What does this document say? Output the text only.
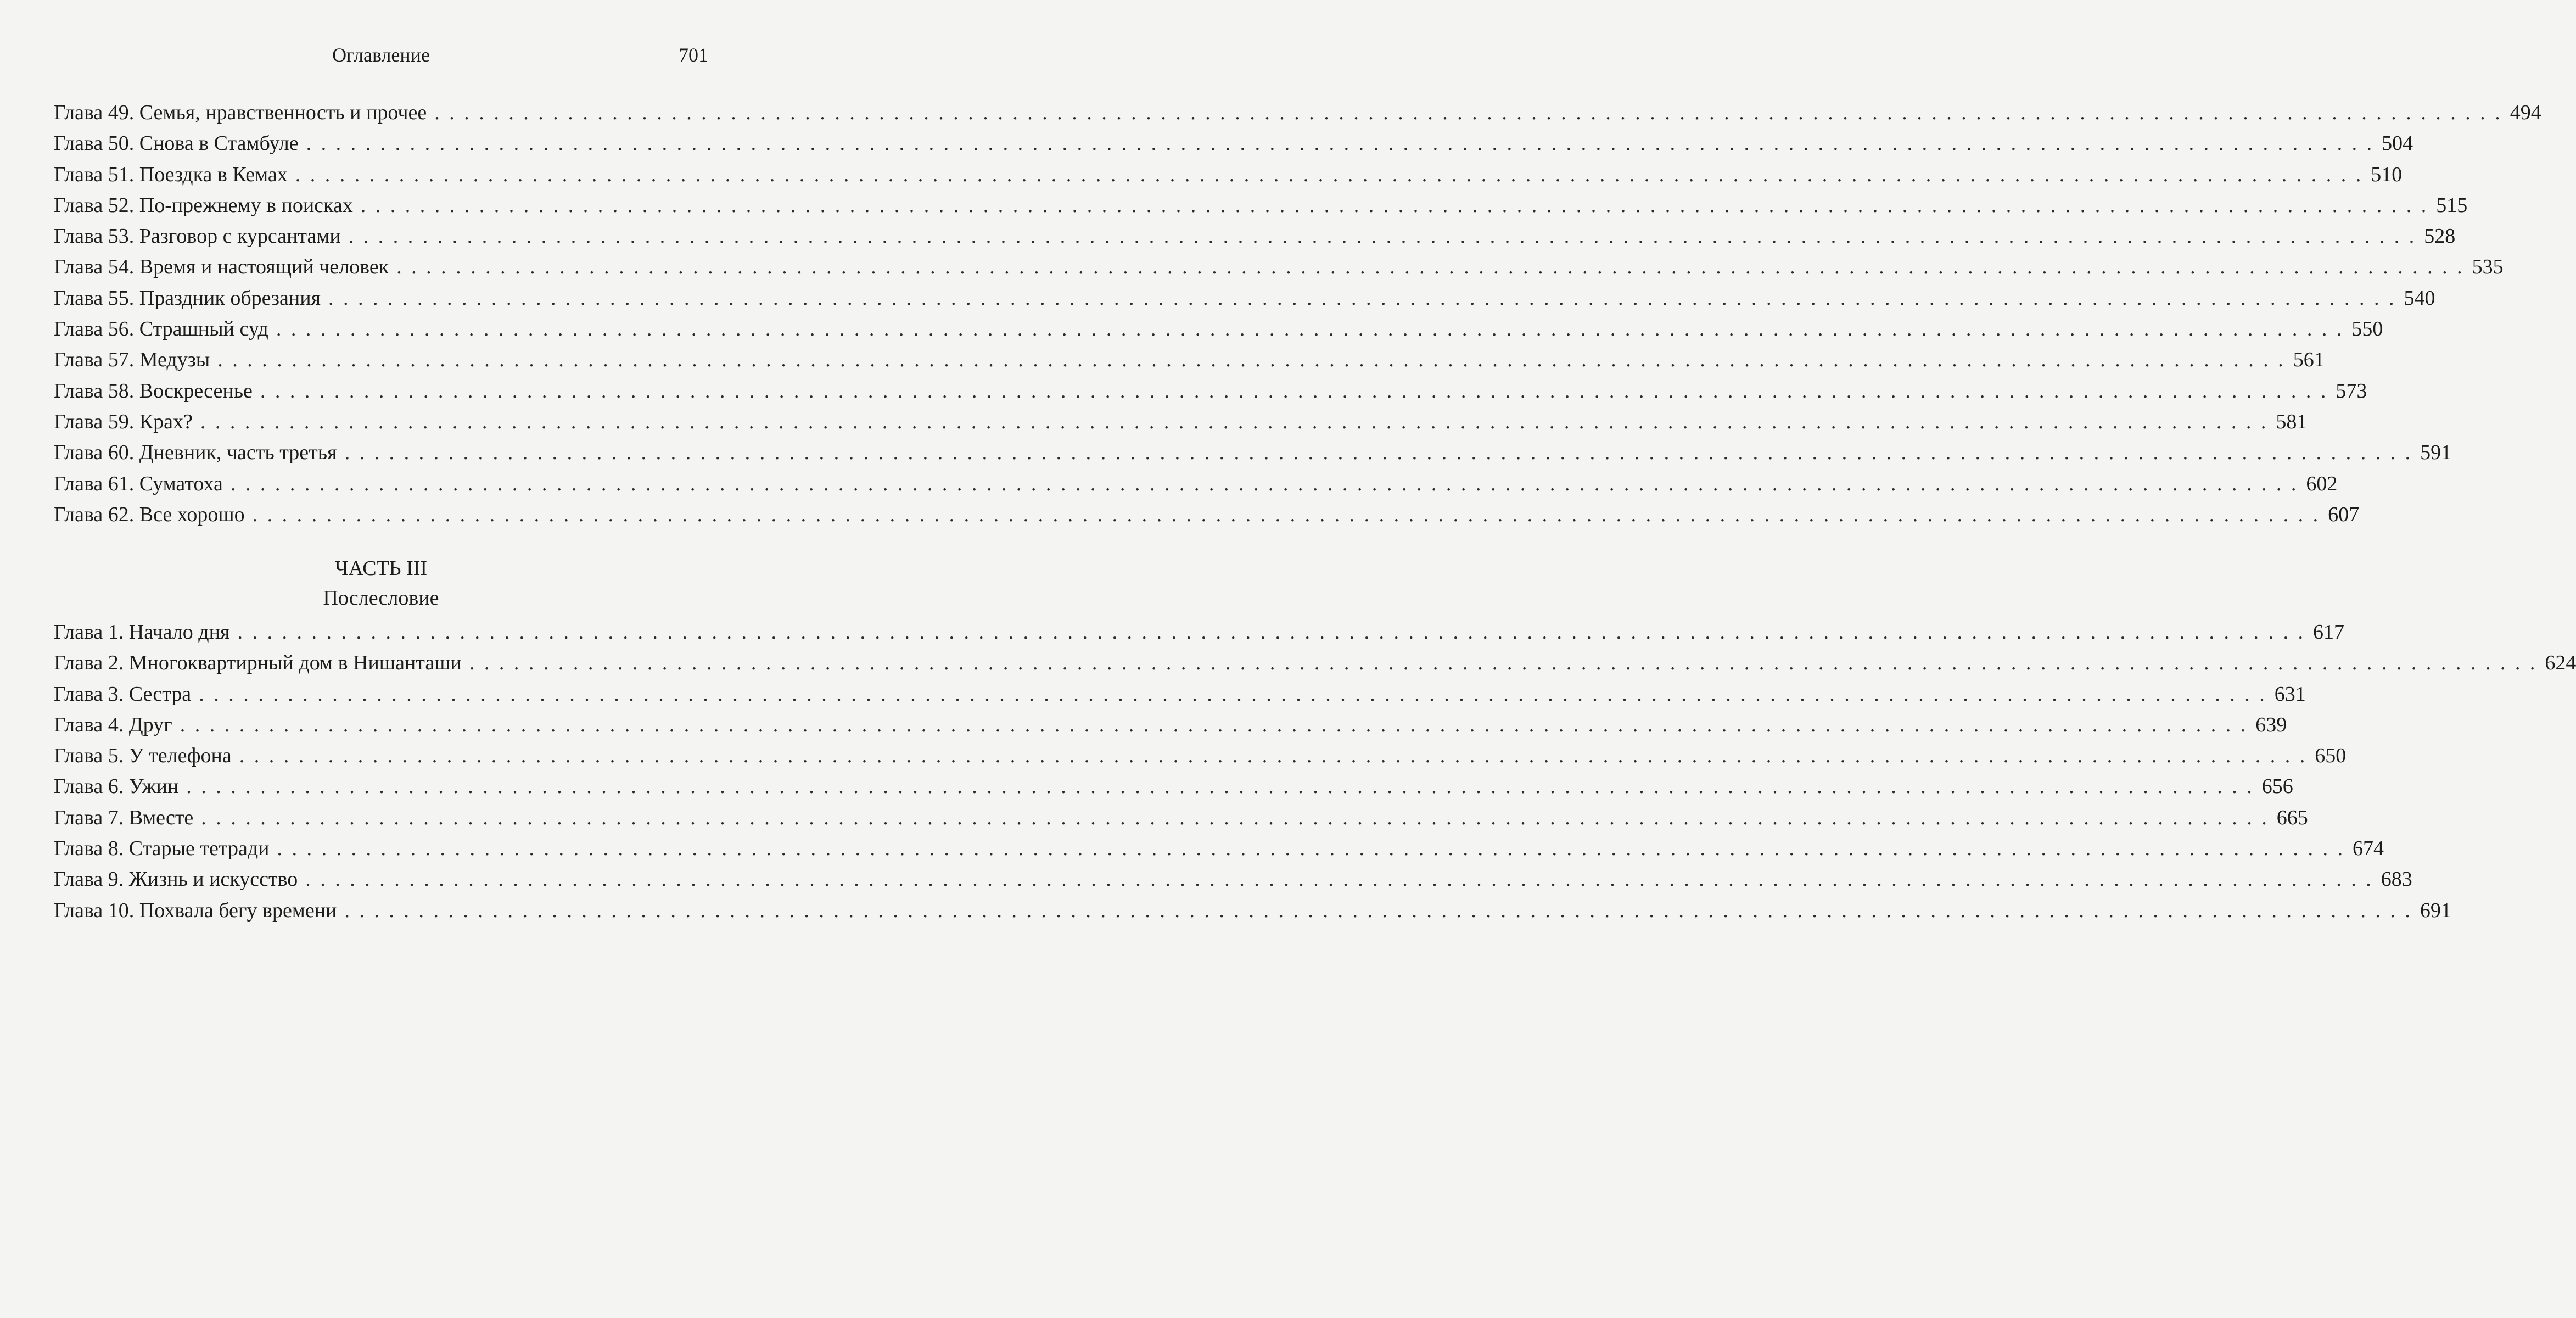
Оглавление	701
Глава 49. Семья, нравственность и прочее . . . . . . . . . . . . . . . . . . . . . . . . . . . . . . . . . . . . . . . . . . . . . . . . . . . . . . . . . . . . . . . . . . . . . . . . . . . . . . . . . . . . . . . . . . . . . . . . . . . . . . . . . . . . . . . . . . . . . . . . . . . . . . . . . . . . . . . . . . . . 494
Глава 50. Снова в Стамбуле . . . . . . . . . . . . . . . . . . . . . . . . . . . . . . . . . . . . . . . . . . . . . . . . . . . . . . . . . . . . . . . . . . . . . . . . . . . . . . . . . . . . . . . . . . . . . . . . . . . . . . . . . . . . . . . . . . . . . . . . . . . . . . . . . . . . . . . . . . . . 504
Глава 51. Поездка в Кемах . . . . . . . . . . . . . . . . . . . . . . . . . . . . . . . . . . . . . . . . . . . . . . . . . . . . . . . . . . . . . . . . . . . . . . . . . . . . . . . . . . . . . . . . . . . . . . . . . . . . . . . . . . . . . . . . . . . . . . . . . . . . . . . . . . . . . . . . . . . . 510
Глава 52. По-прежнему в поисках . . . . . . . . . . . . . . . . . . . . . . . . . . . . . . . . . . . . . . . . . . . . . . . . . . . . . . . . . . . . . . . . . . . . . . . . . . . . . . . . . . . . . . . . . . . . . . . . . . . . . . . . . . . . . . . . . . . . . . . . . . . . . . . . . . . . . . . . . . . . 515
Глава 53. Разговор с курсантами . . . . . . . . . . . . . . . . . . . . . . . . . . . . . . . . . . . . . . . . . . . . . . . . . . . . . . . . . . . . . . . . . . . . . . . . . . . . . . . . . . . . . . . . . . . . . . . . . . . . . . . . . . . . . . . . . . . . . . . . . . . . . . . . . . . . . . . . . . . . 528
Глава 54. Время и настоящий человек . . . . . . . . . . . . . . . . . . . . . . . . . . . . . . . . . . . . . . . . . . . . . . . . . . . . . . . . . . . . . . . . . . . . . . . . . . . . . . . . . . . . . . . . . . . . . . . . . . . . . . . . . . . . . . . . . . . . . . . . . . . . . . . . . . . . . . . . . . . . 535
Глава 55. Праздник обрезания . . . . . . . . . . . . . . . . . . . . . . . . . . . . . . . . . . . . . . . . . . . . . . . . . . . . . . . . . . . . . . . . . . . . . . . . . . . . . . . . . . . . . . . . . . . . . . . . . . . . . . . . . . . . . . . . . . . . . . . . . . . . . . . . . . . . . . . . . . . . 540
Глава 56. Страшный суд . . . . . . . . . . . . . . . . . . . . . . . . . . . . . . . . . . . . . . . . . . . . . . . . . . . . . . . . . . . . . . . . . . . . . . . . . . . . . . . . . . . . . . . . . . . . . . . . . . . . . . . . . . . . . . . . . . . . . . . . . . . . . . . . . . . . . . . . . . . . 550
Глава 57. Медузы . . . . . . . . . . . . . . . . . . . . . . . . . . . . . . . . . . . . . . . . . . . . . . . . . . . . . . . . . . . . . . . . . . . . . . . . . . . . . . . . . . . . . . . . . . . . . . . . . . . . . . . . . . . . . . . . . . . . . . . . . . . . . . . . . . . . . . . . . . . . 561
Глава 58. Воскресенье . . . . . . . . . . . . . . . . . . . . . . . . . . . . . . . . . . . . . . . . . . . . . . . . . . . . . . . . . . . . . . . . . . . . . . . . . . . . . . . . . . . . . . . . . . . . . . . . . . . . . . . . . . . . . . . . . . . . . . . . . . . . . . . . . . . . . . . . . . . . 573
Глава 59. Крах? . . . . . . . . . . . . . . . . . . . . . . . . . . . . . . . . . . . . . . . . . . . . . . . . . . . . . . . . . . . . . . . . . . . . . . . . . . . . . . . . . . . . . . . . . . . . . . . . . . . . . . . . . . . . . . . . . . . . . . . . . . . . . . . . . . . . . . . . . . . . 581
Глава 60. Дневник, часть третья . . . . . . . . . . . . . . . . . . . . . . . . . . . . . . . . . . . . . . . . . . . . . . . . . . . . . . . . . . . . . . . . . . . . . . . . . . . . . . . . . . . . . . . . . . . . . . . . . . . . . . . . . . . . . . . . . . . . . . . . . . . . . . . . . . . . . . . . . . . . 591
Глава 61. Суматоха . . . . . . . . . . . . . . . . . . . . . . . . . . . . . . . . . . . . . . . . . . . . . . . . . . . . . . . . . . . . . . . . . . . . . . . . . . . . . . . . . . . . . . . . . . . . . . . . . . . . . . . . . . . . . . . . . . . . . . . . . . . . . . . . . . . . . . . . . . . . 602
Глава 62. Все хорошо . . . . . . . . . . . . . . . . . . . . . . . . . . . . . . . . . . . . . . . . . . . . . . . . . . . . . . . . . . . . . . . . . . . . . . . . . . . . . . . . . . . . . . . . . . . . . . . . . . . . . . . . . . . . . . . . . . . . . . . . . . . . . . . . . . . . . . . . . . . . 607
ЧАСТЬ III
Послесловие
Глава 1. Начало дня . . . . . . . . . . . . . . . . . . . . . . . . . . . . . . . . . . . . . . . . . . . . . . . . . . . . . . . . . . . . . . . . . . . . . . . . . . . . . . . . . . . . . . . . . . . . . . . . . . . . . . . . . . . . . . . . . . . . . . . . . . . . . . . . . . . . . . . . . . . . 617
Глава 2. Многоквартирный дом в Нишанташи . . . . . . . . . . . . . . . . . . . . . . . . . . . . . . . . . . . . . . . . . . . . . . . . . . . . . . . . . . . . . . . . . . . . . . . . . . . . . . . . . . . . . . . . . . . . . . . . . . . . . . . . . . . . . . . . . . . . . . . . . . . . . . . . . . . . . . . . . . . . 624
Глава 3. Сестра . . . . . . . . . . . . . . . . . . . . . . . . . . . . . . . . . . . . . . . . . . . . . . . . . . . . . . . . . . . . . . . . . . . . . . . . . . . . . . . . . . . . . . . . . . . . . . . . . . . . . . . . . . . . . . . . . . . . . . . . . . . . . . . . . . . . . . . . . . . . 631
Глава 4. Друг . . . . . . . . . . . . . . . . . . . . . . . . . . . . . . . . . . . . . . . . . . . . . . . . . . . . . . . . . . . . . . . . . . . . . . . . . . . . . . . . . . . . . . . . . . . . . . . . . . . . . . . . . . . . . . . . . . . . . . . . . . . . . . . . . . . . . . . . . . . . 639
Глава 5. У телефона . . . . . . . . . . . . . . . . . . . . . . . . . . . . . . . . . . . . . . . . . . . . . . . . . . . . . . . . . . . . . . . . . . . . . . . . . . . . . . . . . . . . . . . . . . . . . . . . . . . . . . . . . . . . . . . . . . . . . . . . . . . . . . . . . . . . . . . . . . . . 650
Глава 6. Ужин . . . . . . . . . . . . . . . . . . . . . . . . . . . . . . . . . . . . . . . . . . . . . . . . . . . . . . . . . . . . . . . . . . . . . . . . . . . . . . . . . . . . . . . . . . . . . . . . . . . . . . . . . . . . . . . . . . . . . . . . . . . . . . . . . . . . . . . . . . . . 656
Глава 7. Вместе . . . . . . . . . . . . . . . . . . . . . . . . . . . . . . . . . . . . . . . . . . . . . . . . . . . . . . . . . . . . . . . . . . . . . . . . . . . . . . . . . . . . . . . . . . . . . . . . . . . . . . . . . . . . . . . . . . . . . . . . . . . . . . . . . . . . . . . . . . . . 665
Глава 8. Старые тетради . . . . . . . . . . . . . . . . . . . . . . . . . . . . . . . . . . . . . . . . . . . . . . . . . . . . . . . . . . . . . . . . . . . . . . . . . . . . . . . . . . . . . . . . . . . . . . . . . . . . . . . . . . . . . . . . . . . . . . . . . . . . . . . . . . . . . . . . . . . . 674
Глава 9. Жизнь и искусство . . . . . . . . . . . . . . . . . . . . . . . . . . . . . . . . . . . . . . . . . . . . . . . . . . . . . . . . . . . . . . . . . . . . . . . . . . . . . . . . . . . . . . . . . . . . . . . . . . . . . . . . . . . . . . . . . . . . . . . . . . . . . . . . . . . . . . . . . . . . 683
Глава 10. Похвала бегу времени . . . . . . . . . . . . . . . . . . . . . . . . . . . . . . . . . . . . . . . . . . . . . . . . . . . . . . . . . . . . . . . . . . . . . . . . . . . . . . . . . . . . . . . . . . . . . . . . . . . . . . . . . . . . . . . . . . . . . . . . . . . . . . . . . . . . . . . . . . . . 691
